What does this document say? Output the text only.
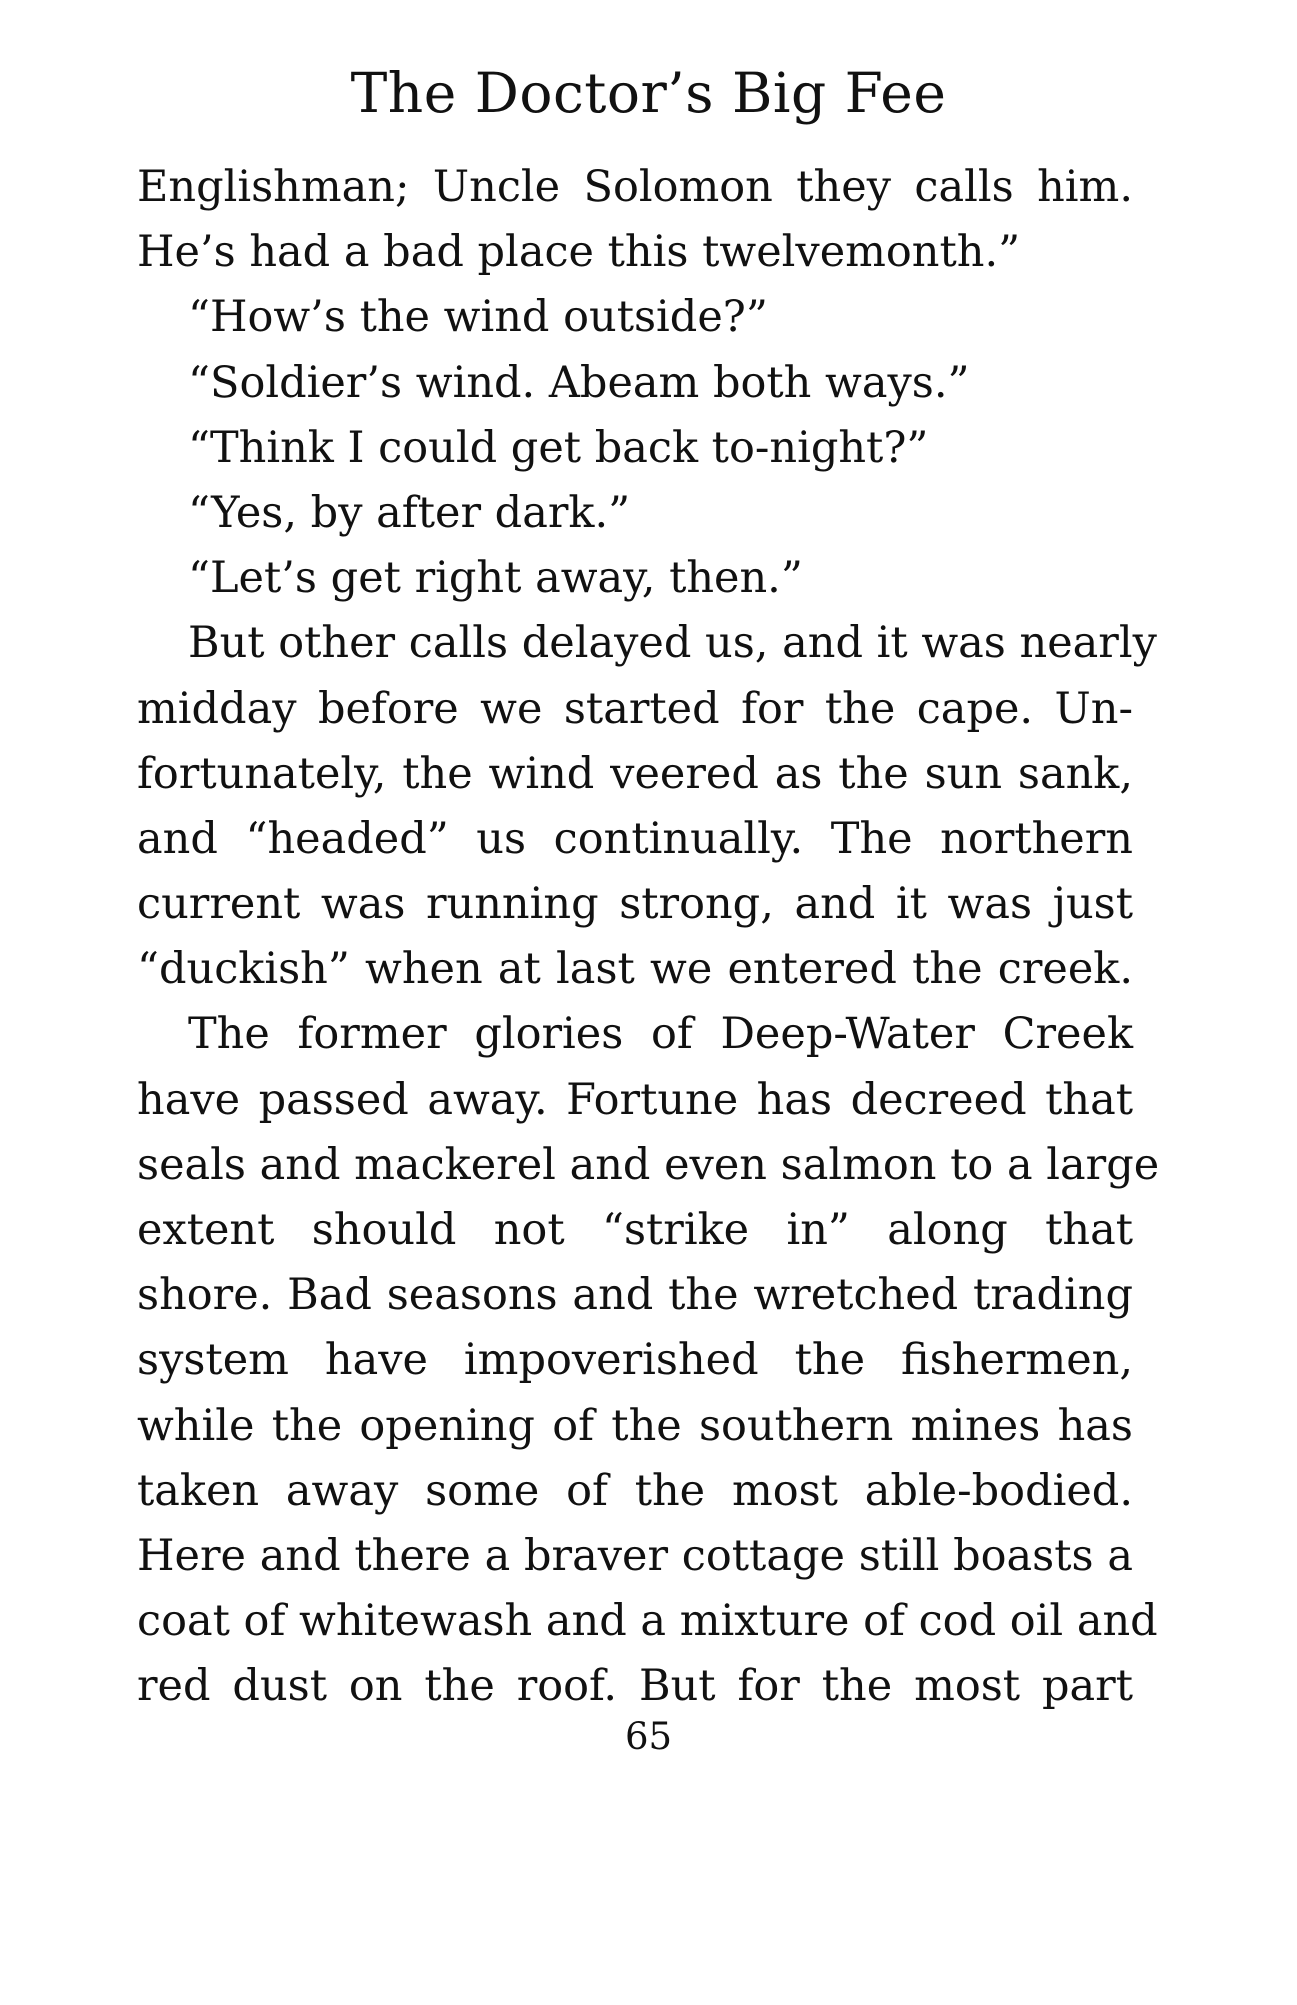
The Doctor’s Big Fee
Englishman; Uncle Solomon they calls him.
He’s had a bad place this twelvemonth.”
“How’s the wind outside?”
“Soldier’s wind. Abeam both ways.”
“Think I could get back to-night?”
“Yes, by after dark.”
“Let’s get right away, then.”
But other calls delayed us, and it was nearly
midday before we started for the cape. Un-
fortunately, the wind veered as the sun sank,
and “headed” us continually. The northern
current was running strong, and it was just
“duckish” when at last we entered the creek.
The former glories of Deep-Water Creek
have passed away. Fortune has decreed that
seals and mackerel and even salmon to a large
extent should not “strike in” along that
shore. Bad seasons and the wretched trading
system have impoverished the fishermen,
while the opening of the southern mines has
taken away some of the most able-bodied.
Here and there a braver cottage still boasts a
coat of whitewash and a mixture of cod oil and
red dust on the roof. But for the most part
65
